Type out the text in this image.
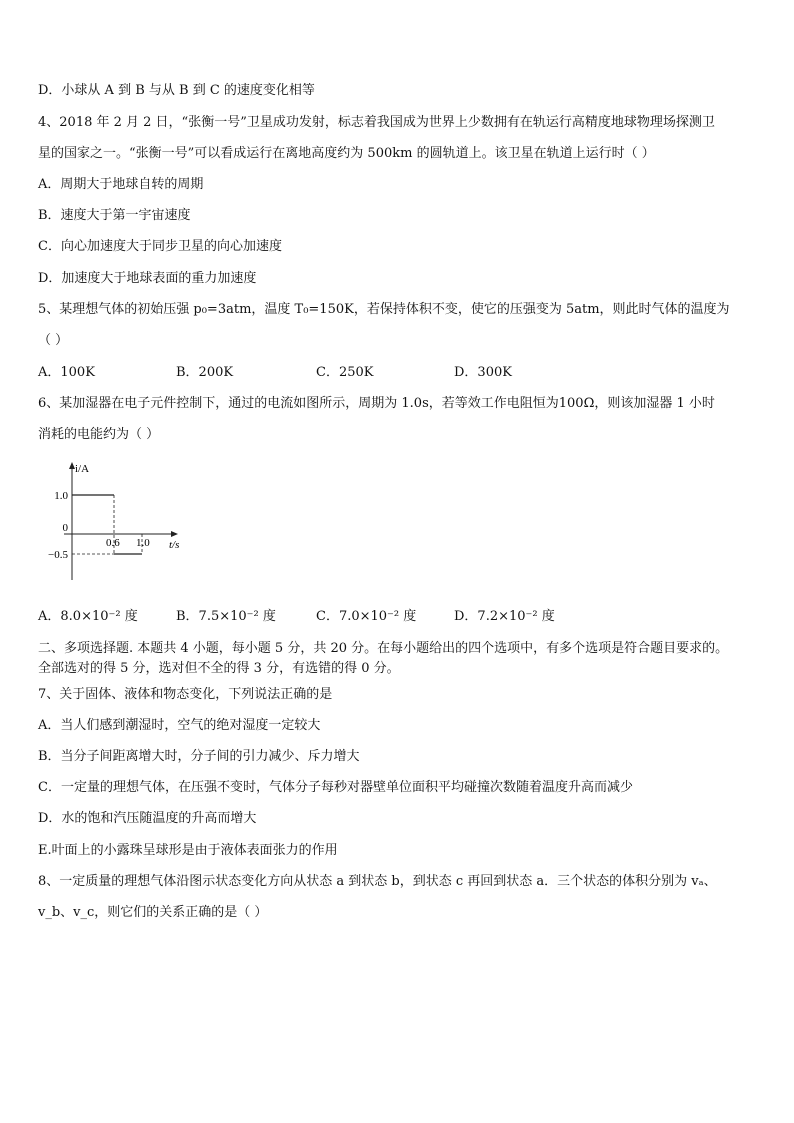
D．小球从 A 到 B 与从 B 到 C 的速度变化相等
4、2018 年 2 月 2 日，“张衡一号”卫星成功发射，标志着我国成为世界上少数拥有在轨运行高精度地球物理场探测卫
星的国家之一。“张衡一号”可以看成运行在离地高度约为 500km 的圆轨道上。该卫星在轨道上运行时（ ）
A．周期大于地球自转的周期
B．速度大于第一宇宙速度
C．向心加速度大于同步卫星的向心加速度
D．加速度大于地球表面的重力加速度
5、某理想气体的初始压强 p₀=3atm，温度 T₀=150K，若保持体积不变，使它的压强变为 5atm，则此时气体的温度为
（ ）
A．100K	B．200K	C．250K	D．300K
6、某加湿器在电子元件控制下，通过的电流如图所示，周期为 1.0s，若等效工作电阻恒为100Ω，则该加湿器 1 小时
消耗的电能约为（ ）
i/A
t/s
1.0
0
−0.5
0.6 1.0
A．8.0×10⁻² 度	B．7.5×10⁻² 度	C．7.0×10⁻² 度	D．7.2×10⁻² 度
二、多项选择题. 本题共 4 小题，每小题 5 分，共 20 分。在每小题给出的四个选项中，有多个选项是符合题目要求的。
全部选对的得 5 分，选对但不全的得 3 分，有选错的得 0 分。
7、关于固体、液体和物态变化，下列说法正确的是
A．当人们感到潮湿时，空气的绝对湿度一定较大
B．当分子间距离增大时，分子间的引力减少、斥力增大
C．一定量的理想气体，在压强不变时，气体分子每秒对器壁单位面积平均碰撞次数随着温度升高而减少
D．水的饱和汽压随温度的升高而增大
E.叶面上的小露珠呈球形是由于液体表面张力的作用
8、一定质量的理想气体沿图示状态变化方向从状态 a 到状态 b，到状态 c 再回到状态 a．三个状态的体积分别为 vₐ、
v_b、v_c，则它们的关系正确的是（ ）
